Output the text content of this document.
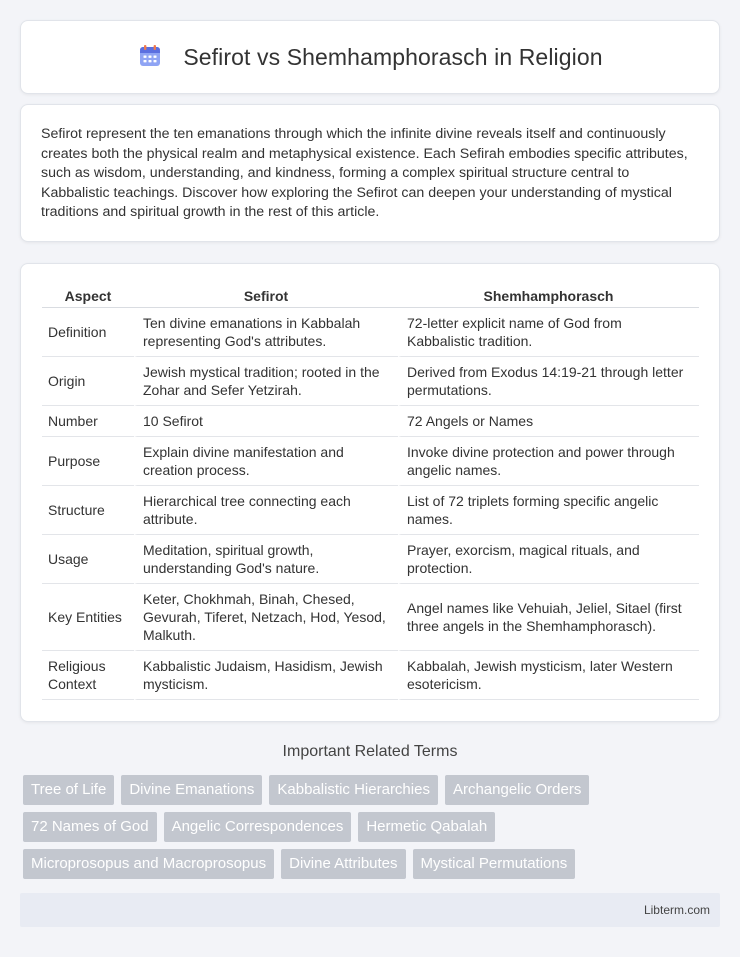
Sefirot vs Shemhamphorasch in Religion

Sefirot represent the ten emanations through which the infinite divine reveals itself and continuously creates both the physical realm and metaphysical existence. Each Sefirah embodies specific attributes, such as wisdom, understanding, and kindness, forming a complex spiritual structure central to Kabbalistic teachings. Discover how exploring the Sefirot can deepen your understanding of mystical traditions and spiritual growth in the rest of this article.

Aspect	Sefirot	Shemhamphorasch
Definition	Ten divine emanations in Kabbalah representing God's attributes.	72-letter explicit name of God from Kabbalistic tradition.
Origin	Jewish mystical tradition; rooted in the Zohar and Sefer Yetzirah.	Derived from Exodus 14:19-21 through letter permutations.
Number	10 Sefirot	72 Angels or Names
Purpose	Explain divine manifestation and creation process.	Invoke divine protection and power through angelic names.
Structure	Hierarchical tree connecting each attribute.	List of 72 triplets forming specific angelic names.
Usage	Meditation, spiritual growth, understanding God's nature.	Prayer, exorcism, magical rituals, and protection.
Key Entities	Keter, Chokhmah, Binah, Chesed, Gevurah, Tiferet, Netzach, Hod, Yesod, Malkuth.	Angel names like Vehuiah, Jeliel, Sitael (first three angels in the Shemhamphorasch).
Religious Context	Kabbalistic Judaism, Hasidism, Jewish mysticism.	Kabbalah, Jewish mysticism, later Western esotericism.
Important Related Terms
Tree of Life	Divine Emanations	Kabbalistic Hierarchies	Archangelic Orders
72 Names of God	Angelic Correspondences	Hermetic Qabalah
Microprosopus and Macroprosopus	Divine Attributes	Mystical Permutations
Libterm.com
